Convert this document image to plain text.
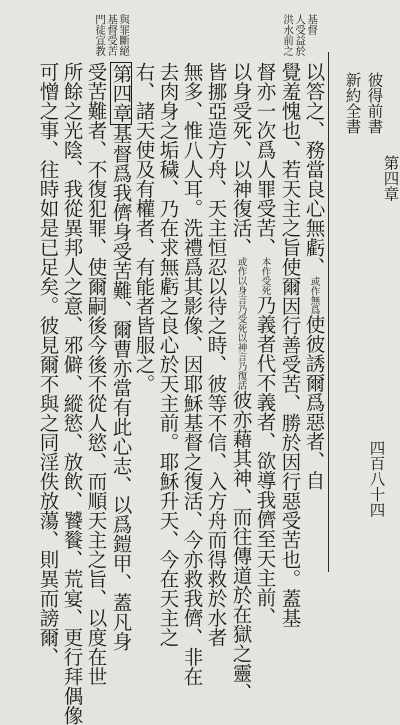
門徒宣教 基督受苦 與罪斷絕	洪水前之 人受益於 基督
新約全書 彼得前書
第四章
四百八十四
以答之、務當良心無虧、或作無爲使彼誘爾爲惡者、自
覺羞愧也、若天主之旨使爾因行善受苦、勝於因行惡受苦也。蓋基
督亦一次爲人罪受苦、本作受死乃義者代不義者、欲導我儕至天主前、
以身受死、以神復活、或作以身言乃受死以神言乃復活彼亦藉其神、而往傳道於在獄之靈、
皆挪亞造方舟、天主恒忍以待之時、彼等不信、入方舟而得救於水者
無多、惟八人耳。洗禮爲其影像、因耶穌基督之復活、今亦救我儕、非在
去肉身之垢穢、乃在求無虧之良心於天主前。耶穌升天、今在天主之
右、諸天使及有權者、有能者皆服之。
第四章基督爲我儕身受苦難、爾曹亦當有此心志、以爲鎧甲、蓋凡身
受苦難者、不復犯罪、使爾嗣後今後不從人慾、而順天主之旨、以度在世
所餘之光陰、我從異邦人之意、邪僻、縱慾、放飲、饕餮、荒宴、更行拜偶像
可憎之事、往時如是已足矣。彼見爾不與之同淫佚放蕩、則異而謗爾、
